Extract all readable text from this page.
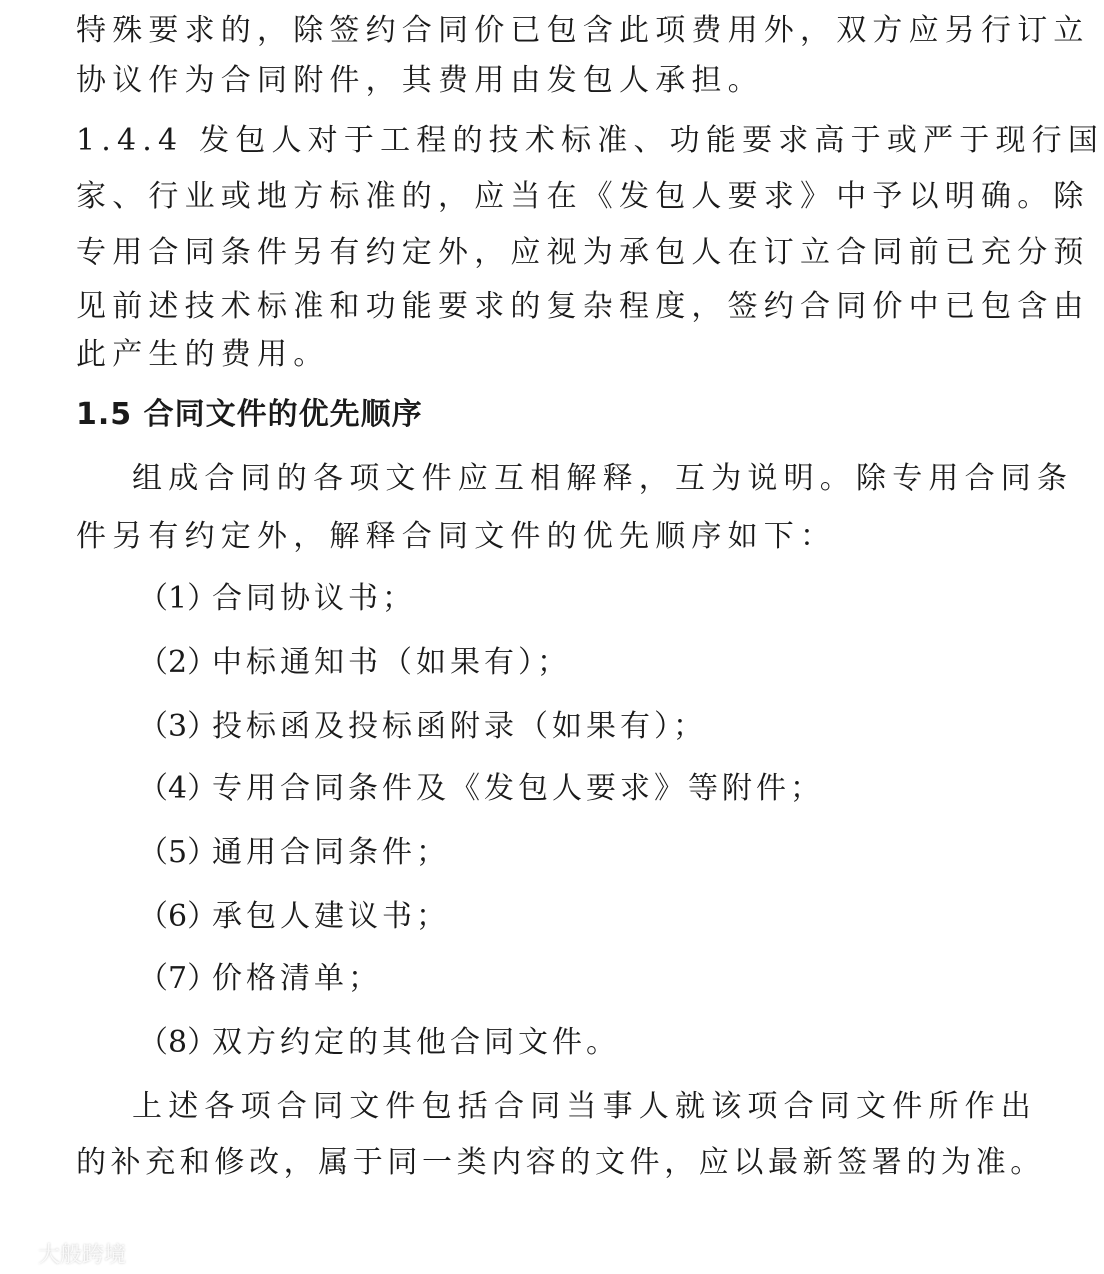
特殊要求的，除签约合同价已包含此项费用外，双方应另行订立
协议作为合同附件，其费用由发包人承担。
1.4.4 发包人对于工程的技术标准、功能要求高于或严于现行国
家、行业或地方标准的，应当在《发包人要求》中予以明确。除
专用合同条件另有约定外，应视为承包人在订立合同前已充分预
见前述技术标准和功能要求的复杂程度，签约合同价中已包含由
此产生的费用。
1.5 合同文件的优先顺序
组成合同的各项文件应互相解释，互为说明。除专用合同条
件另有约定外，解释合同文件的优先顺序如下：
（1）
合同协议书；
（2）
中标通知书（如果有）；
（3）
投标函及投标函附录（如果有）；
（4）
专用合同条件及《发包人要求》等附件；
（5）
通用合同条件；
（6）
承包人建议书；
（7）
价格清单；
（8）
双方约定的其他合同文件。
上述各项合同文件包括合同当事人就该项合同文件所作出
的补充和修改，属于同一类内容的文件，应以最新签署的为准。
大般跨境
